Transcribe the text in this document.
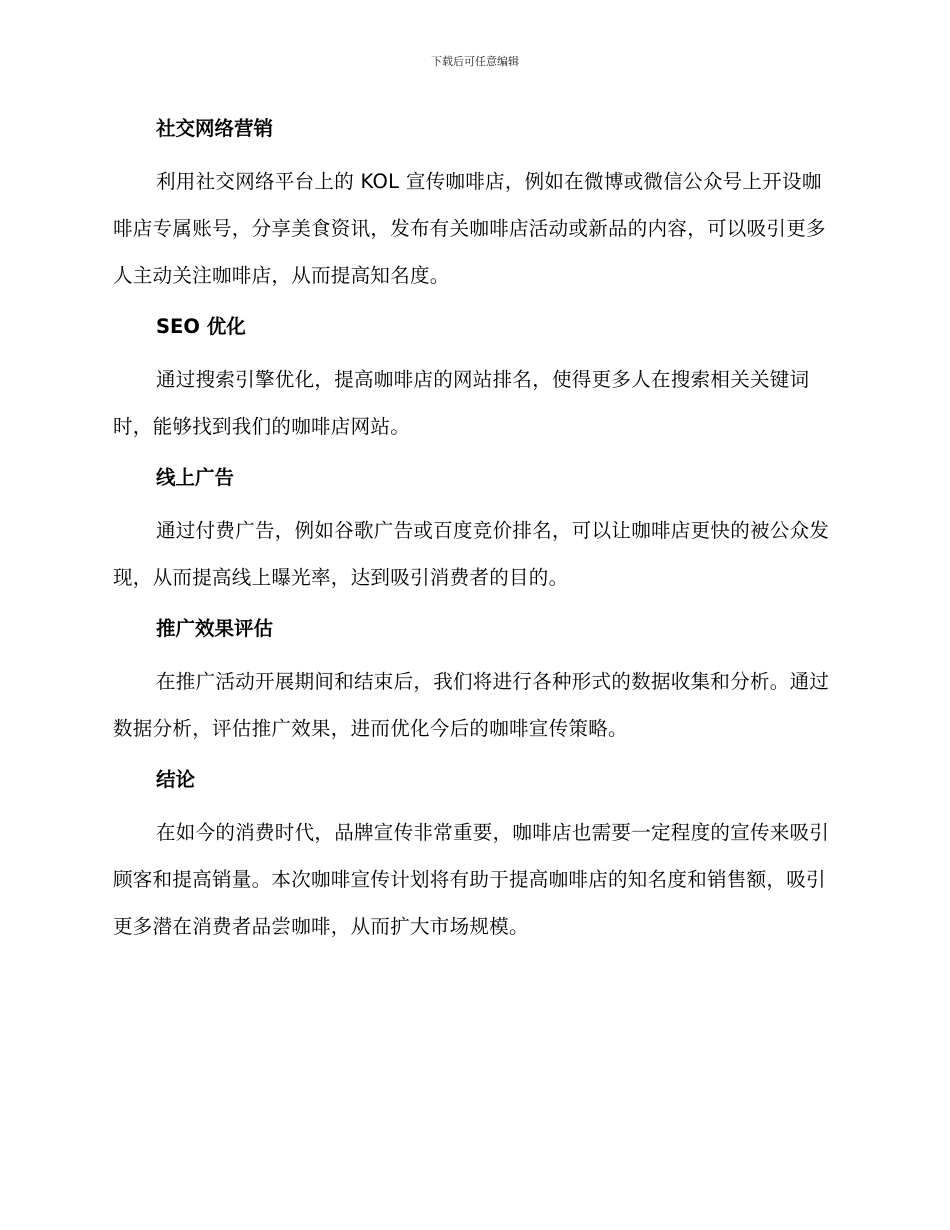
下载后可任意编辑
社交网络营销

利用社交网络平台上的 KOL 宣传咖啡店，例如在微博或微信公众号上开设咖啡店专属账号，分享美食资讯，发布有关咖啡店活动或新品的内容，可以吸引更多人主动关注咖啡店，从而提高知名度。

SEO 优化

通过搜索引擎优化，提高咖啡店的网站排名，使得更多人在搜索相关关键词时，能够找到我们的咖啡店网站。

线上广告

通过付费广告，例如谷歌广告或百度竞价排名，可以让咖啡店更快的被公众发现，从而提高线上曝光率，达到吸引消费者的目的。

推广效果评估

在推广活动开展期间和结束后，我们将进行各种形式的数据收集和分析。通过数据分析，评估推广效果，进而优化今后的咖啡宣传策略。

结论

在如今的消费时代，品牌宣传非常重要，咖啡店也需要一定程度的宣传来吸引顾客和提高销量。本次咖啡宣传计划将有助于提高咖啡店的知名度和销售额，吸引更多潜在消费者品尝咖啡，从而扩大市场规模。
